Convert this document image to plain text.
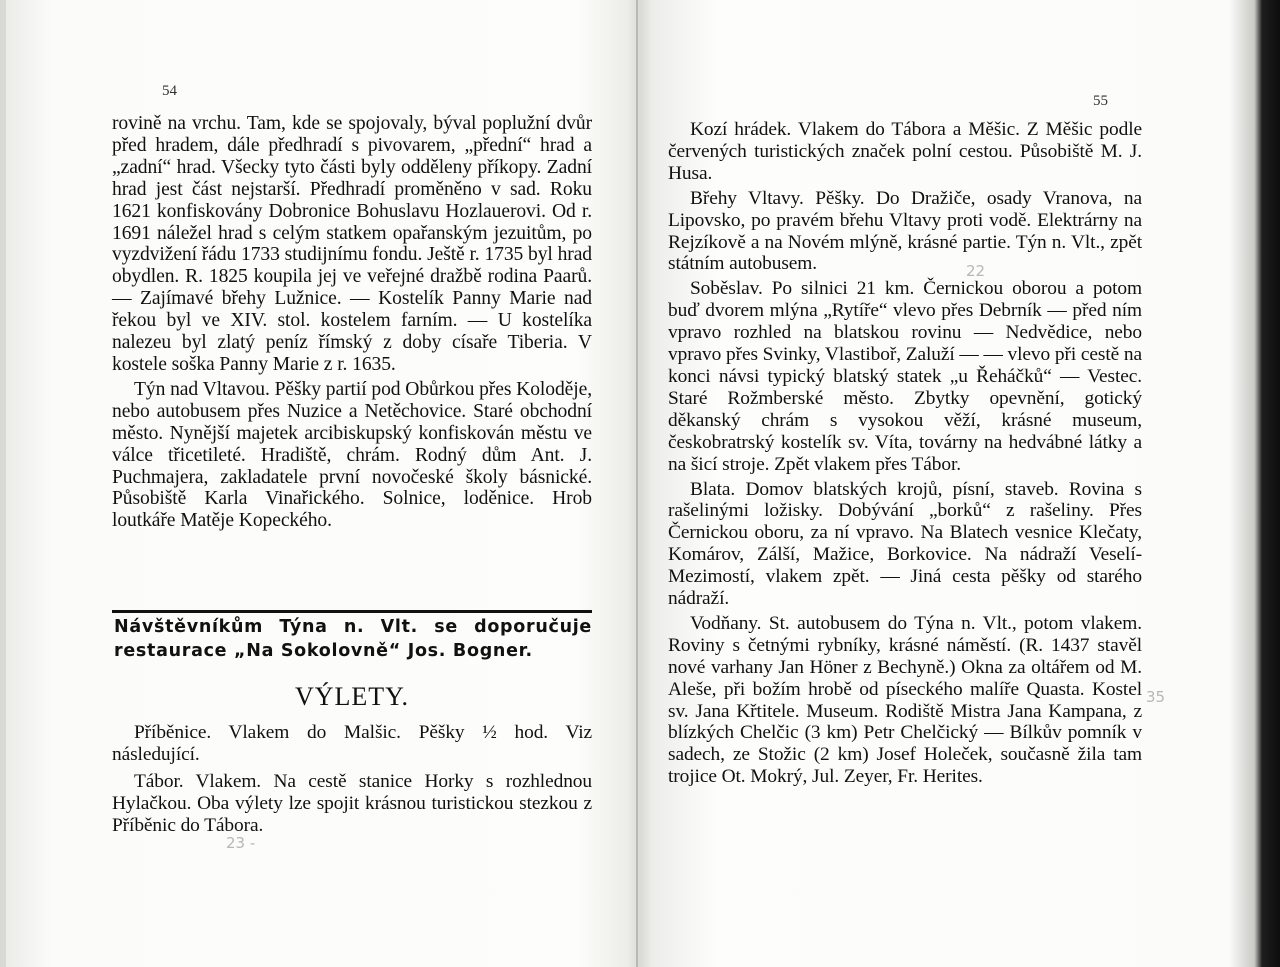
54

rovině na vrchu. Tam, kde se spojovaly, býval poplužní dvůr před hradem, dále předhradí s pivovarem, „přední“ hrad a „zadní“ hrad. Všecky tyto části byly odděleny příkopy. Zadní hrad jest část nejstarší. Předhradí proměněno v sad. Roku 1621 konfiskovány Dobronice Bohuslavu Hozlauerovi. Od r. 1691 náležel hrad s celým statkem opařanským jezuitům, po vyzdvižení řádu 1733 studijnímu fondu. Ještě r. 1735 byl hrad obydlen. R. 1825 koupila jej ve veřejné dražbě rodina Paarů. — Zajímavé břehy Lužnice. — Kostelík Panny Marie nad řekou byl ve XIV. stol. kostelem farním. — U kostelíka nalezeu byl zlatý peníz římský z doby císaře Tiberia. V kostele soška Panny Marie z r. 1635.

Týn nad Vltavou. Pěšky partií pod Obůrkou přes Koloděje, nebo autobusem přes Nuzice a Netěchovice. Staré obchodní město. Nynější majetek arcibiskupský konfiskován městu ve válce třicetileté. Hradiště, chrám. Rodný dům Ant. J. Puchmajera, zakladatele první novočeské školy básnické. Působiště Karla Vinařického. Solnice, loděnice. Hrob loutkáře Matěje Kopeckého.

Návštěvníkům Týna n. Vlt. se doporučuje restaurace „Na Sokolovně“ Jos. Bogner.
VÝLETY.

Příběnice. Vlakem do Malšic. Pěšky ½ hod. Viz následující.

Tábor. Vlakem. Na cestě stanice Horky s rozhlednou Hylačkou. Oba výlety lze spojit krásnou turistickou stezkou z Příběnic do Tábora.

23 -
55

Kozí hrádek. Vlakem do Tábora a Měšic. Z Měšic podle červených turistických značek polní cestou. Působiště M. J. Husa.

Břehy Vltavy. Pěšky. Do Dražiče, osady Vranova, na Lipovsko, po pravém břehu Vltavy proti vodě. Elektrárny na Rejzíkově a na Novém mlýně, krásné partie. Týn n. Vlt., zpět státním autobusem.

Soběslav. Po silnici 21 km. Černickou oborou a potom buď dvorem mlýna „Rytíře“ vlevo přes Debrník — před ním vpravo rozhled na blatskou rovinu — Nedvědice, nebo vpravo přes Svinky, Vlastiboř, Zaluží — — vlevo při cestě na konci návsi typický blatský statek „u Řeháčků“ — Vestec. Staré Rožmberské město. Zbytky opevnění, gotický děkanský chrám s vysokou věží, krásné museum, českobratrský kostelík sv. Víta, továrny na hedvábné látky a na šicí stroje. Zpět vlakem přes Tábor.

Blata. Domov blatských krojů, písní, staveb. Rovina s rašelinými ložisky. Dobývání „borků“ z rašeliny. Přes Černickou oboru, za ní vpravo. Na Blatech vesnice Klečaty, Komárov, Zálší, Mažice, Borkovice. Na nádraží Veselí-Mezimostí, vlakem zpět. — Jiná cesta pěšky od starého nádraží.

Vodňany. St. autobusem do Týna n. Vlt., potom vlakem. Roviny s četnými rybníky, krásné náměstí. (R. 1437 stavěl nové varhany Jan Höner z Bechyně.) Okna za oltářem od M. Aleše, při božím hrobě od píseckého malíře Quasta. Kostel sv. Jana Křtitele. Museum. Rodiště Mistra Jana Kampana, z blízkých Chelčic (3 km) Petr Chelčický — Bílkův pomník v sadech, ze Stožic (2 km) Josef Holeček, současně žila tam trojice Ot. Mokrý, Jul. Zeyer, Fr. Herites.

22
35
